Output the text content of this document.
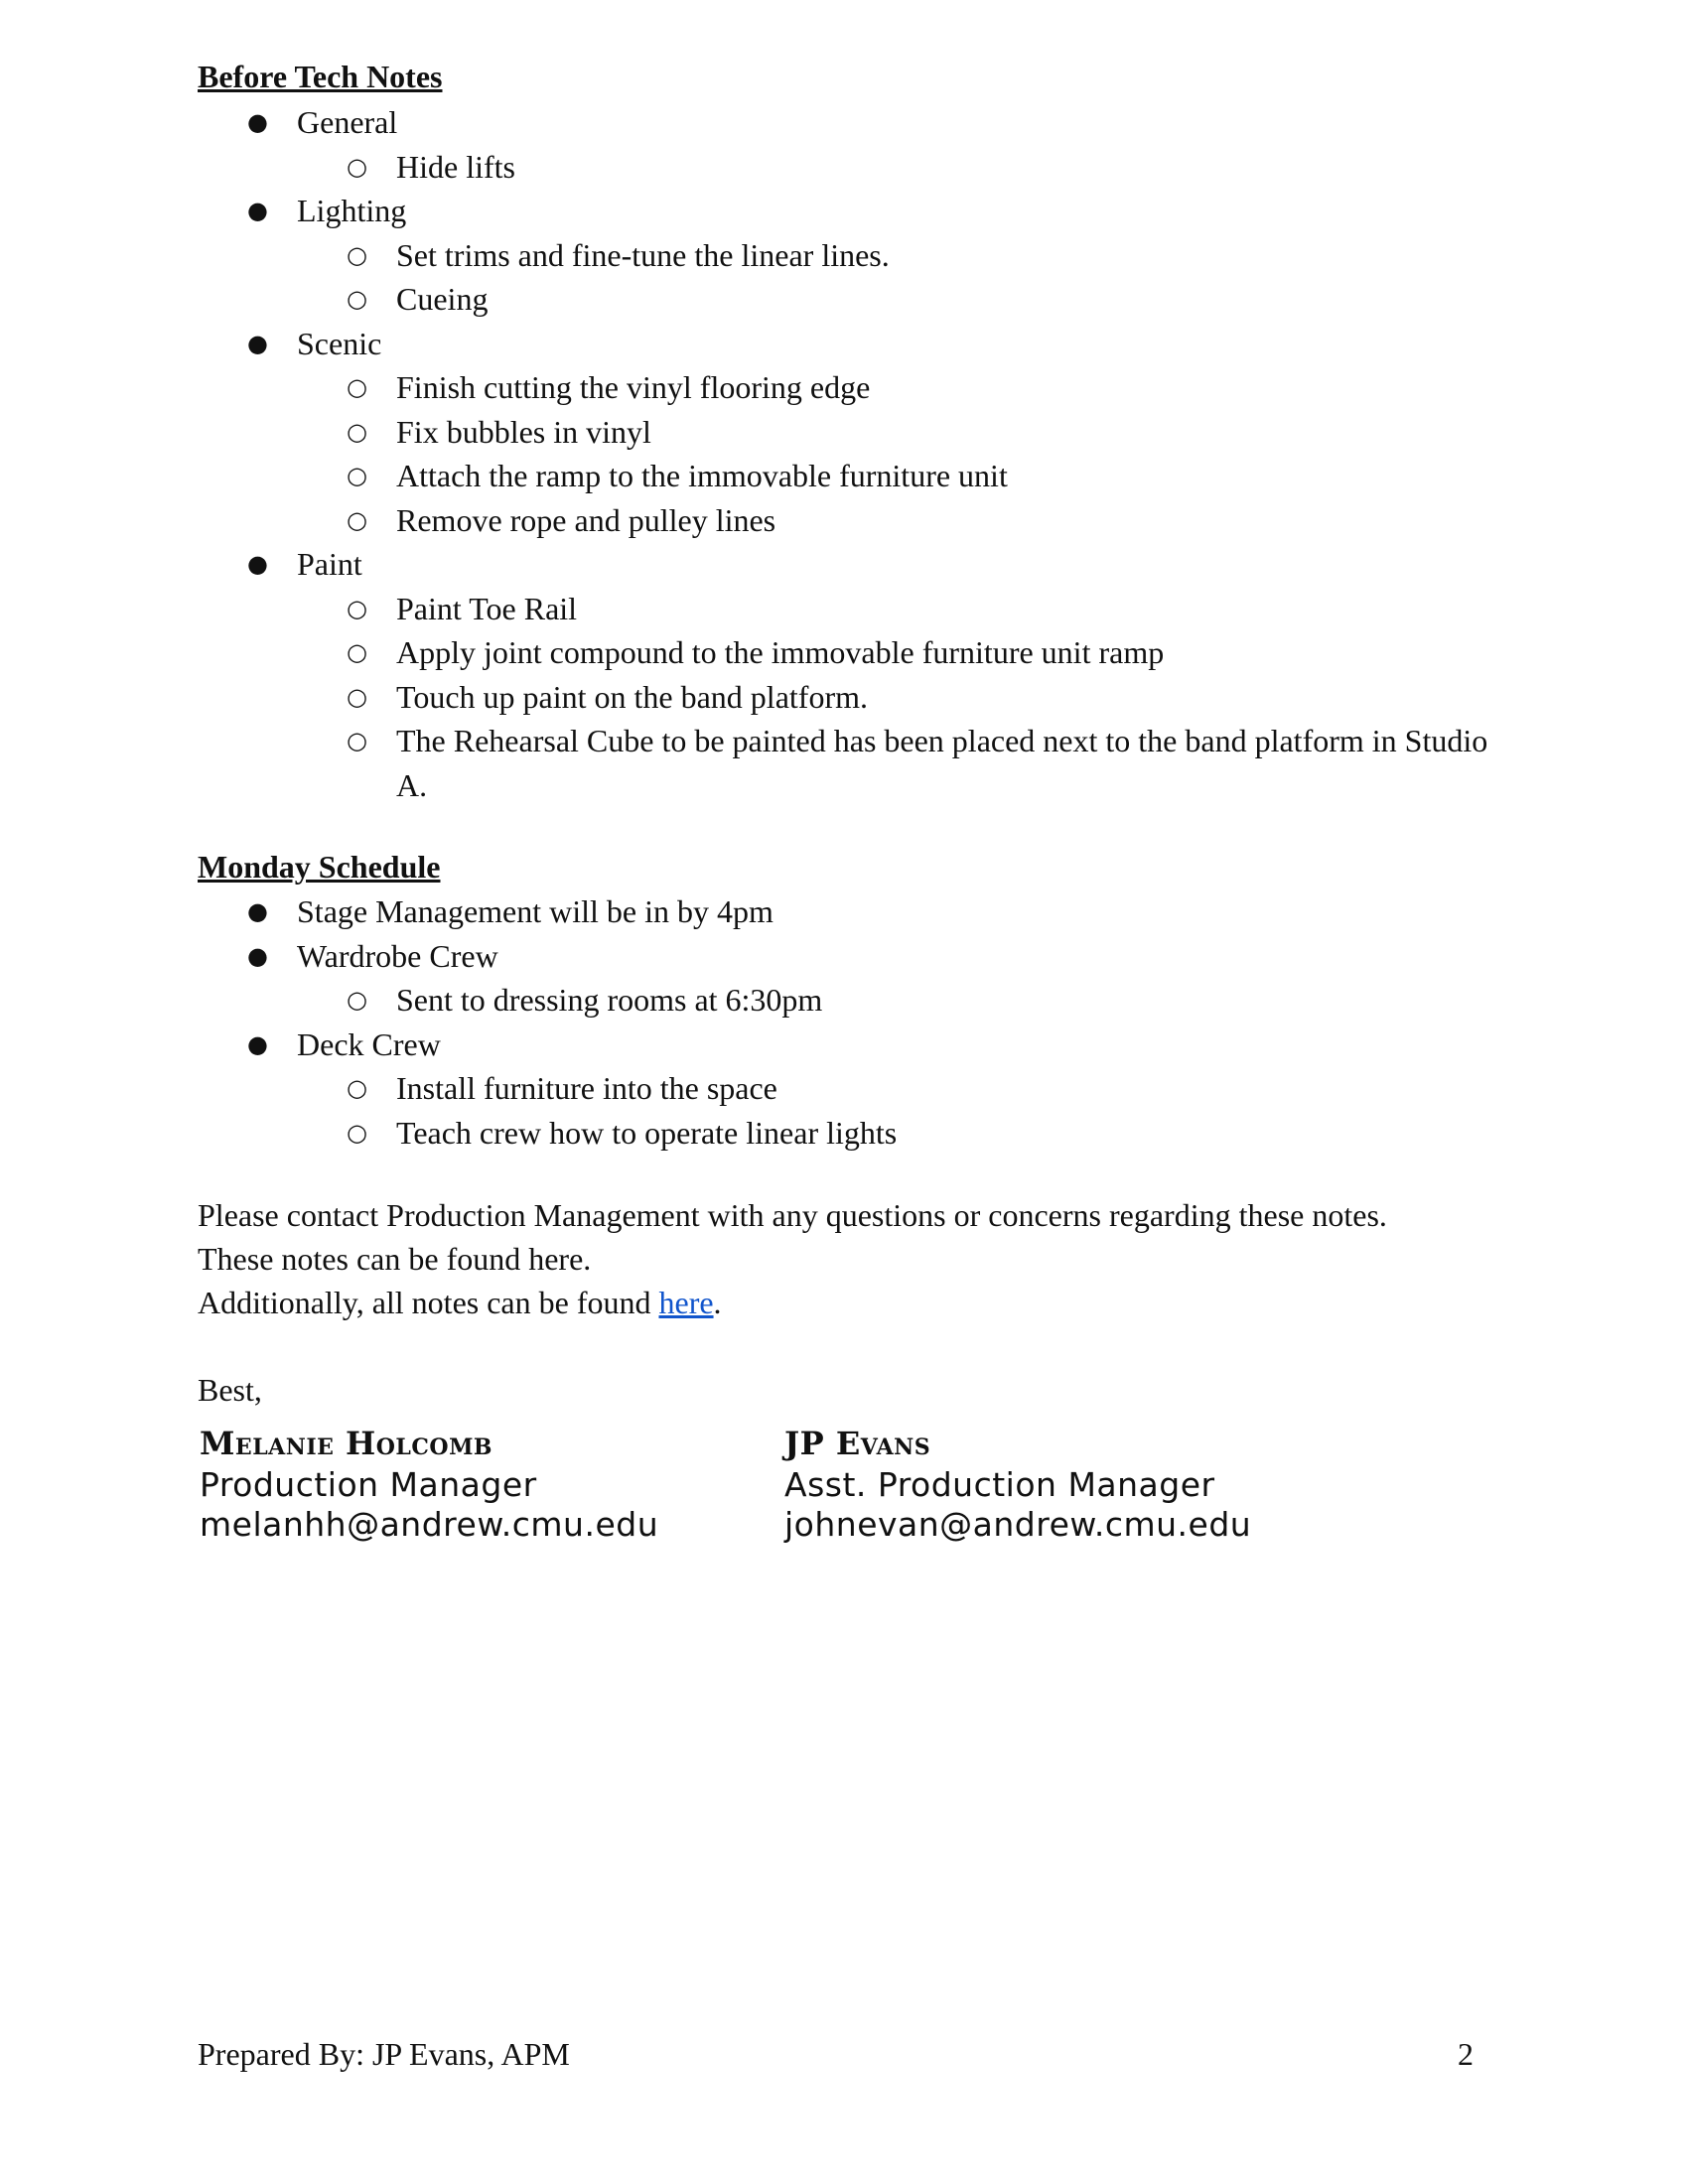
Before Tech Notes
● General
○ Hide lifts
● Lighting
○ Set trims and fine-tune the linear lines.
○ Cueing
● Scenic
○ Finish cutting the vinyl flooring edge
○ Fix bubbles in vinyl
○ Attach the ramp to the immovable furniture unit
○ Remove rope and pulley lines
● Paint
○ Paint Toe Rail
○ Apply joint compound to the immovable furniture unit ramp
○ Touch up paint on the band platform.
○ The Rehearsal Cube to be painted has been placed next to the band platform in Studio A.
Monday Schedule
● Stage Management will be in by 4pm
● Wardrobe Crew
○ Sent to dressing rooms at 6:30pm
● Deck Crew
○ Install furniture into the space
○ Teach crew how to operate linear lights

Please contact Production Management with any questions or concerns regarding these notes.

These notes can be found here.

Additionally, all notes can be found here.

Best,

Melanie Holcomb
Production Manager
melanhh@andrew.cmu.edu
JP Evans
Asst. Production Manager
johnevan@andrew.cmu.edu
Prepared By: JP Evans, APM	2
